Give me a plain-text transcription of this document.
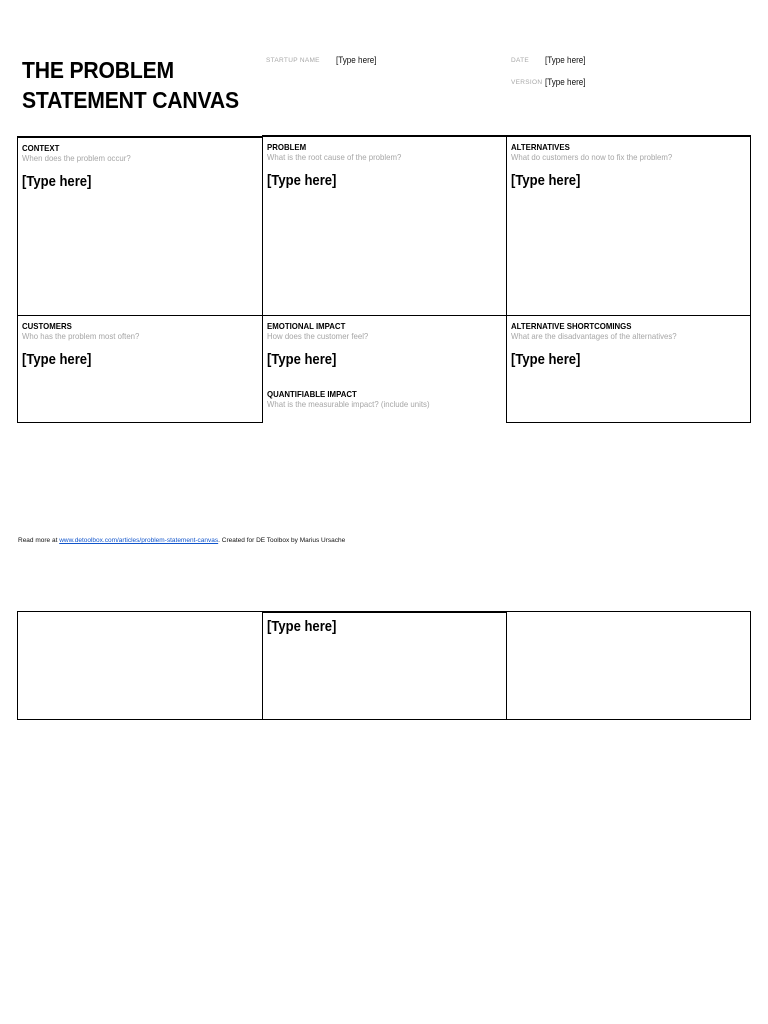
THE PROBLEM
STATEMENT CANVAS
STARTUP NAME [Type here]	DATE [Type here]
VERSION [Type here]
CONTEXT
When does the problem occur?
[Type here]
PROBLEM
What is the root cause of the problem?
[Type here]
ALTERNATIVES
What do customers do now to fix the problem?
[Type here]
CUSTOMERS
Who has the problem most often?
[Type here]
EMOTIONAL IMPACT
How does the customer feel?
[Type here]
QUANTIFIABLE IMPACT
What is the measurable impact? (include units)
ALTERNATIVE SHORTCOMINGS
What are the disadvantages of the alternatives?
[Type here]
Read more at www.detoolbox.com/articles/problem-statement-canvas. Created for DE Toolbox by Marius Ursache
[Type here]
